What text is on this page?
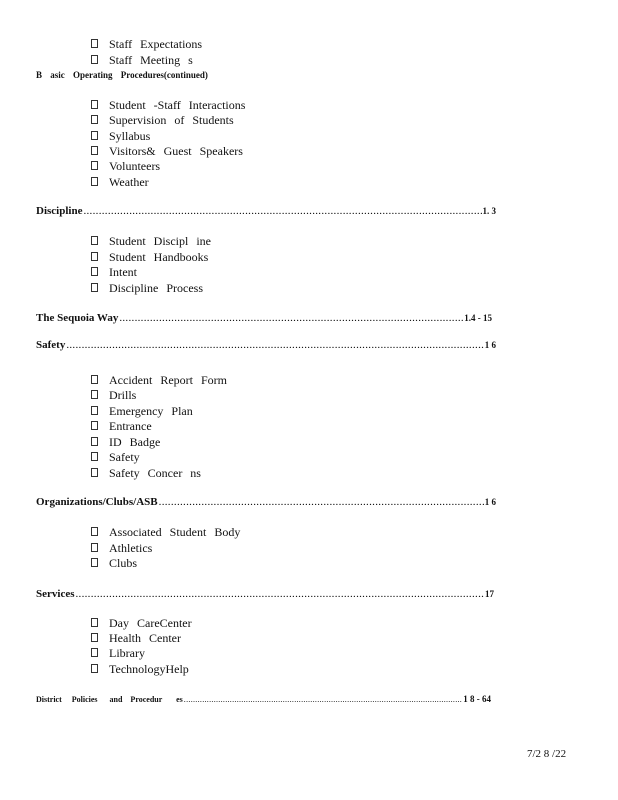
Staff Expectations
Staff Meeting s
B asic Operating Procedures(continued)
Student -Staff Interactions
Supervision of Students
Syllabus
Visitors& Guest Speakers
Volunteers
Weather
Discipline .....	1. 3
Student Discipl ine
Student Handbooks
Intent
Discipline Process
The Sequoia Way .....	1.4 - 15
Safety .....	1 6
Accident Report Form
Drills
Emergency Plan
Entrance
ID Badge
Safety
Safety Concer ns
Organizations/Clubs/ASB .....	1 6
Associated Student Body
Athletics
Clubs
Services .....	17
Day CareCenter
Health Center
Library
TechnologyHelp
District     Policies      and    Procedur       es .....	1 8 - 64
7/2 8 /22
